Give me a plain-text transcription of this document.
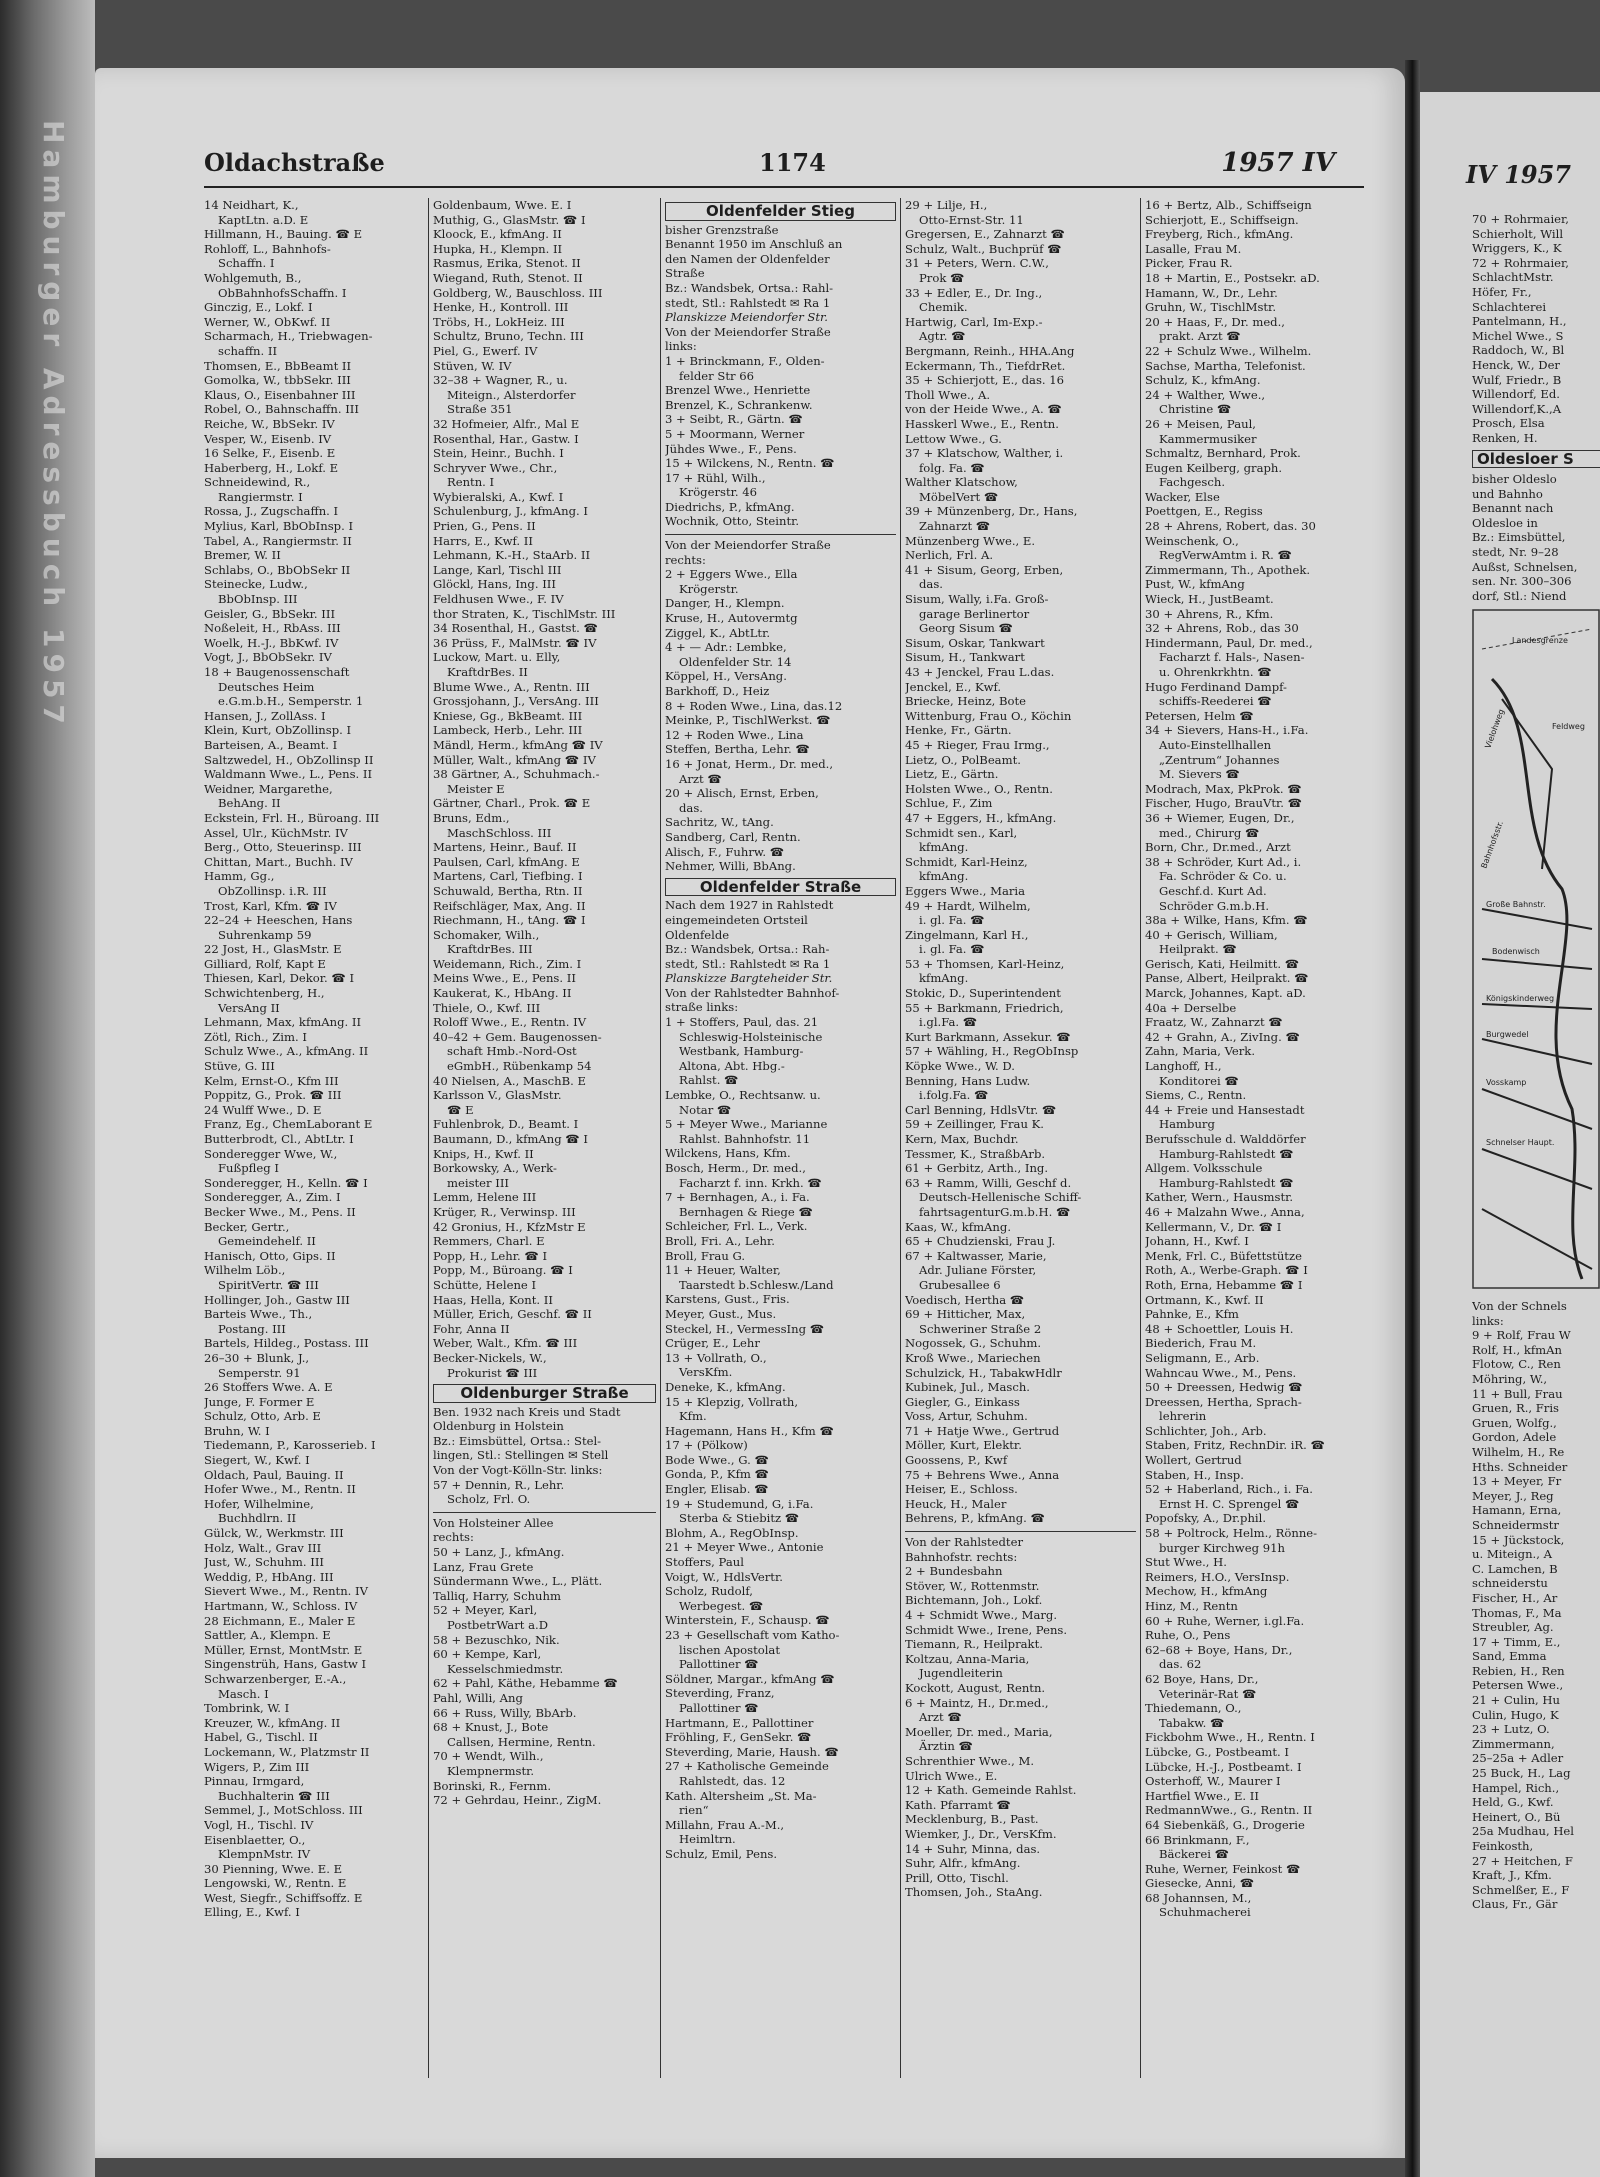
Hamburger Adressbuch 1957	Oldachstraße	1174	1957 IV
14 Neidhart, K.,
KaptLtn. a.D. E
Hillmann, H., Bauing. ☎ E
Rohloff, L., Bahnhofs-
Schaffn. I
Wohlgemuth, B.,
ObBahnhofsSchaffn. I
Ginczig, E., Lokf. I
Werner, W., ObKwf. II
Scharmach, H., Triebwagen-
schaffn. II
Thomsen, E., BbBeamt II
Gomolka, W., tbbSekr. III
Klaus, O., Eisenbahner III
Robel, O., Bahnschaffn. III
Reiche, W., BbSekr. IV
Vesper, W., Eisenb. IV
16 Selke, F., Eisenb. E
Haberberg, H., Lokf. E
Schneidewind, R.,
Rangiermstr. I
Rossa, J., Zugschaffn. I
Mylius, Karl, BbObInsp. I
Tabel, A., Rangiermstr. II
Bremer, W. II
Schlabs, O., BbObSekr II
Steinecke, Ludw.,
BbObInsp. III
Geisler, G., BbSekr. III
Noßeleit, H., RbAss. III
Woelk, H.-J., BbKwf. IV
Vogt, J., BbObSekr. IV
18 + Baugenossenschaft
Deutsches Heim
e.G.m.b.H., Semperstr. 1
Hansen, J., ZollAss. I
Klein, Kurt, ObZollinsp. I
Barteisen, A., Beamt. I
Saltzwedel, H., ObZollinsp II
Waldmann Wwe., L., Pens. II
Weidner, Margarethe,
BehAng. II
Eckstein, Frl. H., Büroang. III
Assel, Ulr., KüchMstr. IV
Berg., Otto, Steuerinsp. III
Chittan, Mart., Buchh. IV
Hamm, Gg.,
ObZollinsp. i.R. III
Trost, Karl, Kfm. ☎ IV
22–24 + Heeschen, Hans
Suhrenkamp 59
22 Jost, H., GlasMstr. E
Gilliard, Rolf, Kapt E
Thiesen, Karl, Dekor. ☎ I
Schwichtenberg, H.,
VersAng II
Lehmann, Max, kfmAng. II
Zötl, Rich., Zim. I
Schulz Wwe., A., kfmAng. II
Stüve, G. III
Kelm, Ernst-O., Kfm III
Poppitz, G., Prok. ☎ III
24 Wulff Wwe., D. E
Franz, Eg., ChemLaborant E
Butterbrodt, Cl., AbtLtr. I
Sonderegger Wwe, W.,
Fußpfleg I
Sonderegger, H., Kelln. ☎ I
Sonderegger, A., Zim. I
Becker Wwe., M., Pens. II
Becker, Gertr.,
Gemeindehelf. II
Hanisch, Otto, Gips. II
Wilhelm Löb.,
SpiritVertr. ☎ III
Hollinger, Joh., Gastw III
Barteis Wwe., Th.,
Postang. III
Bartels, Hildeg., Postass. III
26–30 + Blunk, J.,
Semperstr. 91
26 Stoffers Wwe. A. E
Junge, F. Former E
Schulz, Otto, Arb. E
Bruhn, W. I
Tiedemann, P., Karosserieb. I
Siegert, W., Kwf. I
Oldach, Paul, Bauing. II
Hofer Wwe., M., Rentn. II
Hofer, Wilhelmine,
Buchhdlrn. II
Gülck, W., Werkmstr. III
Holz, Walt., Grav III
Just, W., Schuhm. III
Weddig, P., HbAng. III
Sievert Wwe., M., Rentn. IV
Hartmann, W., Schloss. IV
28 Eichmann, E., Maler E
Sattler, A., Klempn. E
Müller, Ernst, MontMstr. E
Singenstrüh, Hans, Gastw I
Schwarzenberger, E.-A.,
Masch. I
Tombrink, W. I
Kreuzer, W., kfmAng. II
Habel, G., Tischl. II
Lockemann, W., Platzmstr II
Wigers, P., Zim III
Pinnau, Irmgard,
Buchhalterin ☎ III
Semmel, J., MotSchloss. III
Vogl, H., Tischl. IV
Eisenblaetter, O.,
KlempnMstr. IV
30 Pienning, Wwe. E. E
Lengowski, W., Rentn. E
West, Siegfr., Schiffsoffz. E
Elling, E., Kwf. I
Goldenbaum, Wwe. E. I
Muthig, G., GlasMstr. ☎ I
Kloock, E., kfmAng. II
Hupka, H., Klempn. II
Rasmus, Erika, Stenot. II
Wiegand, Ruth, Stenot. II
Goldberg, W., Bauschloss. III
Henke, H., Kontroll. III
Tröbs, H., LokHeiz. III
Schultz, Bruno, Techn. III
Piel, G., Ewerf. IV
Stüven, W. IV
32–38 + Wagner, R., u.
Miteign., Alsterdorfer
Straße 351
32 Hofmeier, Alfr., Mal E
Rosenthal, Har., Gastw. I
Stein, Heinr., Buchh. I
Schryver Wwe., Chr.,
Rentn. I
Wybieralski, A., Kwf. I
Schulenburg, J., kfmAng. I
Prien, G., Pens. II
Harrs, E., Kwf. II
Lehmann, K.-H., StaArb. II
Lange, Karl, Tischl III
Glöckl, Hans, Ing. III
Feldhusen Wwe., F. IV
thor Straten, K., TischlMstr. III
34 Rosenthal, H., Gastst. ☎
36 Prüss, F., MalMstr. ☎ IV
Luckow, Mart. u. Elly,
KraftdrBes. II
Blume Wwe., A., Rentn. III
Grossjohann, J., VersAng. III
Kniese, Gg., BkBeamt. III
Lambeck, Herb., Lehr. III
Mändl, Herm., kfmAng ☎ IV
Müller, Walt., kfmAng ☎ IV
38 Gärtner, A., Schuhmach.-
Meister E
Gärtner, Charl., Prok. ☎ E
Bruns, Edm.,
MaschSchloss. III
Martens, Heinr., Bauf. II
Paulsen, Carl, kfmAng. E
Martens, Carl, Tiefbing. I
Schuwald, Bertha, Rtn. II
Reifschläger, Max, Ang. II
Riechmann, H., tAng. ☎ I
Schomaker, Wilh.,
KraftdrBes. III
Weidemann, Rich., Zim. I
Meins Wwe., E., Pens. II
Kaukerat, K., HbAng. II
Thiele, O., Kwf. III
Roloff Wwe., E., Rentn. IV
40–42 + Gem. Baugenossen-
schaft Hmb.-Nord-Ost
eGmbH., Rübenkamp 54
40 Nielsen, A., MaschB. E
Karlsson V., GlasMstr.
☎ E
Fuhlenbrok, D., Beamt. I
Baumann, D., kfmAng ☎ I
Knips, H., Kwf. II
Borkowsky, A., Werk-
meister III
Lemm, Helene III
Krüger, R., Verwinsp. III
42 Gronius, H., KfzMstr E
Remmers, Charl. E
Popp, H., Lehr. ☎ I
Popp, M., Büroang. ☎ I
Schütte, Helene I
Haas, Hella, Kont. II
Müller, Erich, Geschf. ☎ II
Fohr, Anna II
Weber, Walt., Kfm. ☎ III
Becker-Nickels, W.,
Prokurist ☎ III
Oldenburger Straße
Ben. 1932 nach Kreis und Stadt
Oldenburg in Holstein
Bz.: Eimsbüttel, Ortsa.: Stel-
lingen, Stl.: Stellingen ✉ Stell
Von der Vogt-Kölln-Str. links:
57 + Dennin, R., Lehr.
Scholz, Frl. O.
Von Holsteiner Allee
rechts:
50 + Lanz, J., kfmAng.
Lanz, Frau Grete
Sündermann Wwe., L., Plätt.
Talliq, Harry, Schuhm
52 + Meyer, Karl,
PostbetrWart a.D
58 + Bezuschko, Nik.
60 + Kempe, Karl,
Kesselschmiedmstr.
62 + Pahl, Käthe, Hebamme ☎
Pahl, Willi, Ang
66 + Russ, Willy, BbArb.
68 + Knust, J., Bote
Callsen, Hermine, Rentn.
70 + Wendt, Wilh.,
Klempnermstr.
Borinski, R., Fernm.
72 + Gehrdau, Heinr., ZigM.
Oldenfelder Stieg
bisher Grenzstraße
Benannt 1950 im Anschluß an
den Namen der Oldenfelder
Straße
Bz.: Wandsbek, Ortsa.: Rahl-
stedt, Stl.: Rahlstedt ✉ Ra 1
Planskizze Meiendorfer Str.
Von der Meiendorfer Straße
links:
1 + Brinckmann, F., Olden-
felder Str 66
Brenzel Wwe., Henriette
Brenzel, K., Schrankenw.
3 + Seibt, R., Gärtn. ☎
5 + Moormann, Werner
Jühdes Wwe., F., Pens.
15 + Wilckens, N., Rentn. ☎
17 + Rühl, Wilh.,
Krögerstr. 46
Diedrichs, P., kfmAng.
Wochnik, Otto, Steintr.
Von der Meiendorfer Straße
rechts:
2 + Eggers Wwe., Ella
Krögerstr.
Danger, H., Klempn.
Kruse, H., Autovermtg
Ziggel, K., AbtLtr.
4 + — Adr.: Lembke,
Oldenfelder Str. 14
Köppel, H., VersAng.
Barkhoff, D., Heiz
8 + Roden Wwe., Lina, das.12
Meinke, P., TischlWerkst. ☎
12 + Roden Wwe., Lina
Steffen, Bertha, Lehr. ☎
16 + Jonat, Herm., Dr. med.,
Arzt ☎
20 + Alisch, Ernst, Erben,
das.
Sachritz, W., tAng.
Sandberg, Carl, Rentn.
Alisch, F., Fuhrw. ☎
Nehmer, Willi, BbAng.
Oldenfelder Straße
Nach dem 1927 in Rahlstedt
eingemeindeten Ortsteil
Oldenfelde
Bz.: Wandsbek, Ortsa.: Rah-
stedt, Stl.: Rahlstedt ✉ Ra 1
Planskizze Bargteheider Str.
Von der Rahlstedter Bahnhof-
straße links:
1 + Stoffers, Paul, das. 21
Schleswig-Holsteinische
Westbank, Hamburg-
Altona, Abt. Hbg.-
Rahlst. ☎
Lembke, O., Rechtsanw. u.
Notar ☎
5 + Meyer Wwe., Marianne
Rahlst. Bahnhofstr. 11
Wilckens, Hans, Kfm.
Bosch, Herm., Dr. med.,
Facharzt f. inn. Krkh. ☎
7 + Bernhagen, A., i. Fa.
Bernhagen & Riege ☎
Schleicher, Frl. L., Verk.
Broll, Fri. A., Lehr.
Broll, Frau G.
11 + Heuer, Walter,
Taarstedt b.Schlesw./Land
Karstens, Gust., Fris.
Meyer, Gust., Mus.
Steckel, H., VermessIng ☎
Crüger, E., Lehr
13 + Vollrath, O.,
VersKfm.
Deneke, K., kfmAng.
15 + Klepzig, Vollrath,
Kfm.
Hagemann, Hans H., Kfm ☎
17 + (Pölkow)
Bode Wwe., G. ☎
Gonda, P., Kfm ☎
Engler, Elisab. ☎
19 + Studemund, G, i.Fa.
Sterba & Stiebitz ☎
Blohm, A., RegObInsp.
21 + Meyer Wwe., Antonie
Stoffers, Paul
Voigt, W., HdlsVertr.
Scholz, Rudolf,
Werbegest. ☎
Winterstein, F., Schausp. ☎
23 + Gesellschaft vom Katho-
lischen Apostolat
Pallottiner ☎
Söldner, Margar., kfmAng ☎
Steverding, Franz,
Pallottiner ☎
Hartmann, E., Pallottiner
Fröhling, F., GenSekr. ☎
Steverding, Marie, Haush. ☎
27 + Katholische Gemeinde
Rahlstedt, das. 12
Kath. Altersheim „St. Ma-
rien“
Millahn, Frau A.-M.,
Heimltrn.
Schulz, Emil, Pens.
29 + Lilje, H.,
Otto-Ernst-Str. 11
Gregersen, E., Zahnarzt ☎
Schulz, Walt., Buchprüf ☎
31 + Peters, Wern. C.W.,
Prok ☎
33 + Edler, E., Dr. Ing.,
Chemik.
Hartwig, Carl, Im-Exp.-
Agtr. ☎
Bergmann, Reinh., HHA.Ang
Eckermann, Th., TiefdrRet.
35 + Schierjott, E., das. 16
Tholl Wwe., A.
von der Heide Wwe., A. ☎
Hasskerl Wwe., E., Rentn.
Lettow Wwe., G.
37 + Klatschow, Walther, i.
folg. Fa. ☎
Walther Klatschow,
MöbelVert ☎
39 + Münzenberg, Dr., Hans,
Zahnarzt ☎
Münzenberg Wwe., E.
Nerlich, Frl. A.
41 + Sisum, Georg, Erben,
das.
Sisum, Wally, i.Fa. Groß-
garage Berlinertor
Georg Sisum ☎
Sisum, Oskar, Tankwart
Sisum, H., Tankwart
43 + Jenckel, Frau L.das.
Jenckel, E., Kwf.
Briecke, Heinz, Bote
Wittenburg, Frau O., Köchin
Henke, Fr., Gärtn.
45 + Rieger, Frau Irmg.,
Lietz, O., PolBeamt.
Lietz, E., Gärtn.
Holsten Wwe., O., Rentn.
Schlue, F., Zim
47 + Eggers, H., kfmAng.
Schmidt sen., Karl,
kfmAng.
Schmidt, Karl-Heinz,
kfmAng.
Eggers Wwe., Maria
49 + Hardt, Wilhelm,
i. gl. Fa. ☎
Zingelmann, Karl H.,
i. gl. Fa. ☎
53 + Thomsen, Karl-Heinz,
kfmAng.
Stokic, D., Superintendent
55 + Barkmann, Friedrich,
i.gl.Fa. ☎
Kurt Barkmann, Assekur. ☎
57 + Wähling, H., RegObInsp
Köpke Wwe., W. D.
Benning, Hans Ludw.
i.folg.Fa. ☎
Carl Benning, HdlsVtr. ☎
59 + Zeillinger, Frau K.
Kern, Max, Buchdr.
Tessmer, K., StraßbArb.
61 + Gerbitz, Arth., Ing.
63 + Ramm, Willi, Geschf d.
Deutsch-Hellenische Schiff-
fahrtsagenturG.m.b.H. ☎
Kaas, W., kfmAng.
65 + Chudzienski, Frau J.
67 + Kaltwasser, Marie,
Adr. Juliane Förster,
Grubesallee 6
Voedisch, Hertha ☎
69 + Hitticher, Max,
Schweriner Straße 2
Nogossek, G., Schuhm.
Kroß Wwe., Mariechen
Schulzick, H., TabakwHdlr
Kubinek, Jul., Masch.
Giegler, G., Einkass
Voss, Artur, Schuhm.
71 + Hatje Wwe., Gertrud
Möller, Kurt, Elektr.
Goossens, P., Kwf
75 + Behrens Wwe., Anna
Heiser, E., Schloss.
Heuck, H., Maler
Behrens, P., kfmAng. ☎
Von der Rahlstedter
Bahnhofstr. rechts:
2 + Bundesbahn
Stöver, W., Rottenmstr.
Bichtemann, Joh., Lokf.
4 + Schmidt Wwe., Marg.
Schmidt Wwe., Irene, Pens.
Tiemann, R., Heilprakt.
Koltzau, Anna-Maria,
Jugendleiterin
Kockott, August, Rentn.
6 + Maintz, H., Dr.med.,
Arzt ☎
Moeller, Dr. med., Maria,
Ärztin ☎
Schrenthier Wwe., M.
Ulrich Wwe., E.
12 + Kath. Gemeinde Rahlst.
Kath. Pfarramt ☎
Mecklenburg, B., Past.
Wiemker, J., Dr., VersKfm.
14 + Suhr, Minna, das.
Suhr, Alfr., kfmAng.
Prill, Otto, Tischl.
Thomsen, Joh., StaAng.
16 + Bertz, Alb., Schiffseign
Schierjott, E., Schiffseign.
Freyberg, Rich., kfmAng.
Lasalle, Frau M.
Picker, Frau R.
18 + Martin, E., Postsekr. aD.
Hamann, W., Dr., Lehr.
Gruhn, W., TischlMstr.
20 + Haas, F., Dr. med.,
prakt. Arzt ☎
22 + Schulz Wwe., Wilhelm.
Sachse, Martha, Telefonist.
Schulz, K., kfmAng.
24 + Walther, Wwe.,
Christine ☎
26 + Meisen, Paul,
Kammermusiker
Schmaltz, Bernhard, Prok.
Eugen Keilberg, graph.
Fachgesch.
Wacker, Else
Poettgen, E., Regiss
28 + Ahrens, Robert, das. 30
Weinschenk, O.,
RegVerwAmtm i. R. ☎
Zimmermann, Th., Apothek.
Pust, W., kfmAng
Wieck, H., JustBeamt.
30 + Ahrens, R., Kfm.
32 + Ahrens, Rob., das 30
Hindermann, Paul, Dr. med.,
Facharzt f. Hals-, Nasen-
u. Ohrenkrkhtn. ☎
Hugo Ferdinand Dampf-
schiffs-Reederei ☎
Petersen, Helm ☎
34 + Sievers, Hans-H., i.Fa.
Auto-Einstellhallen
„Zentrum“ Johannes
M. Sievers ☎
Modrach, Max, PkProk. ☎
Fischer, Hugo, BrauVtr. ☎
36 + Wiemer, Eugen, Dr.,
med., Chirurg ☎
Born, Chr., Dr.med., Arzt
38 + Schröder, Kurt Ad., i.
Fa. Schröder & Co. u.
Geschf.d. Kurt Ad.
Schröder G.m.b.H.
38a + Wilke, Hans, Kfm. ☎
40 + Gerisch, William,
Heilprakt. ☎
Gerisch, Kati, Heilmitt. ☎
Panse, Albert, Heilprakt. ☎
Marck, Johannes, Kapt. aD.
40a + Derselbe
Fraatz, W., Zahnarzt ☎
42 + Grahn, A., ZivIng. ☎
Zahn, Maria, Verk.
Langhoff, H.,
Konditorei ☎
Siems, C., Rentn.
44 + Freie und Hansestadt
Hamburg
Berufsschule d. Walddörfer
Hamburg-Rahlstedt ☎
Allgem. Volksschule
Hamburg-Rahlstedt ☎
Kather, Wern., Hausmstr.
46 + Malzahn Wwe., Anna,
Kellermann, V., Dr. ☎ I
Johann, H., Kwf. I
Menk, Frl. C., Büfettstütze
Roth, A., Werbe-Graph. ☎ I
Roth, Erna, Hebamme ☎ I
Ortmann, K., Kwf. II
Pahnke, E., Kfm
48 + Schoettler, Louis H.
Biederich, Frau M.
Seligmann, E., Arb.
Wahncau Wwe., M., Pens.
50 + Dreessen, Hedwig ☎
Dreessen, Hertha, Sprach-
lehrerin
Schlichter, Joh., Arb.
Staben, Fritz, RechnDir. iR. ☎
Wollert, Gertrud
Staben, H., Insp.
52 + Haberland, Rich., i. Fa.
Ernst H. C. Sprengel ☎
Popofsky, A., Dr.phil.
58 + Poltrock, Helm., Rönne-
burger Kirchweg 91h
Stut Wwe., H.
Reimers, H.O., VersInsp.
Mechow, H., kfmAng
Hinz, M., Rentn
60 + Ruhe, Werner, i.gl.Fa.
Ruhe, O., Pens
62–68 + Boye, Hans, Dr.,
das. 62
62 Boye, Hans, Dr.,
Veterinär-Rat ☎
Thiedemann, O.,
Tabakw. ☎
Fickbohm Wwe., H., Rentn. I
Lübcke, G., Postbeamt. I
Lübcke, H.-J., Postbeamt. I
Osterhoff, W., Maurer I
Hartfiel Wwe., E. II
RedmannWwe., G., Rentn. II
64 Siebenkäß, G., Drogerie
66 Brinkmann, F.,
Bäckerei ☎
Ruhe, Werner, Feinkost ☎
Giesecke, Anni, ☎
68 Johannsen, M.,
Schuhmacherei
IV 1957
70 + Rohrmaier,
Schierholt, Will
Wriggers, K., K
72 + Rohrmaier,
SchlachtMstr.
Höfer, Fr.,
Schlachterei
Pantelmann, H.,
Michel Wwe., S
Raddoch, W., Bl
Henck, W., Der
Wulf, Friedr., B
Willendorf, Ed.
Willendorf,K.,A
Prosch, Elsa
Renken, H.
Oldesloer S
bisher Oldeslo
und Bahnho
Benannt nach
Oldesloe in
Bz.: Eimsbüttel,
stedt, Nr. 9–28
Außst, Schnelsen,
sen. Nr. 300–306
dorf, Stl.: Niend
Landesgrenze
Feldweg
Vielohweg
Bahnhofsstr.
Große Bahnstr.
Bodenwisch
Königskinderweg
Burgwedel
Vosskamp
Schnelser Haupt.
Von der Schnels
links:
9 + Rolf, Frau W
Rolf, H., kfmAn
Flotow, C., Ren
Möhring, W.,
11 + Bull, Frau
Gruen, R., Fris
Gruen, Wolfg.,
Gordon, Adele
Wilhelm, H., Re
Hths. Schneider
13 + Meyer, Fr
Meyer, J., Reg
Hamann, Erna,
Schneidermstr
15 + Jückstock,
u. Miteign., A
C. Lamchen, B
schneiderstu
Fischer, H., Ar
Thomas, F., Ma
Streubler, Ag.
17 + Timm, E.,
Sand, Emma
Rebien, H., Ren
Petersen Wwe.,
21 + Culin, Hu
Culin, Hugo, K
23 + Lutz, O.
Zimmermann,
25–25a + Adler
25 Buck, H., Lag
Hampel, Rich.,
Held, G., Kwf.
Heinert, O., Bü
25a Mudhau, Hel
Feinkosth,
27 + Heitchen, F
Kraft, J., Kfm.
Schmelßer, E., F
Claus, Fr., Gär
